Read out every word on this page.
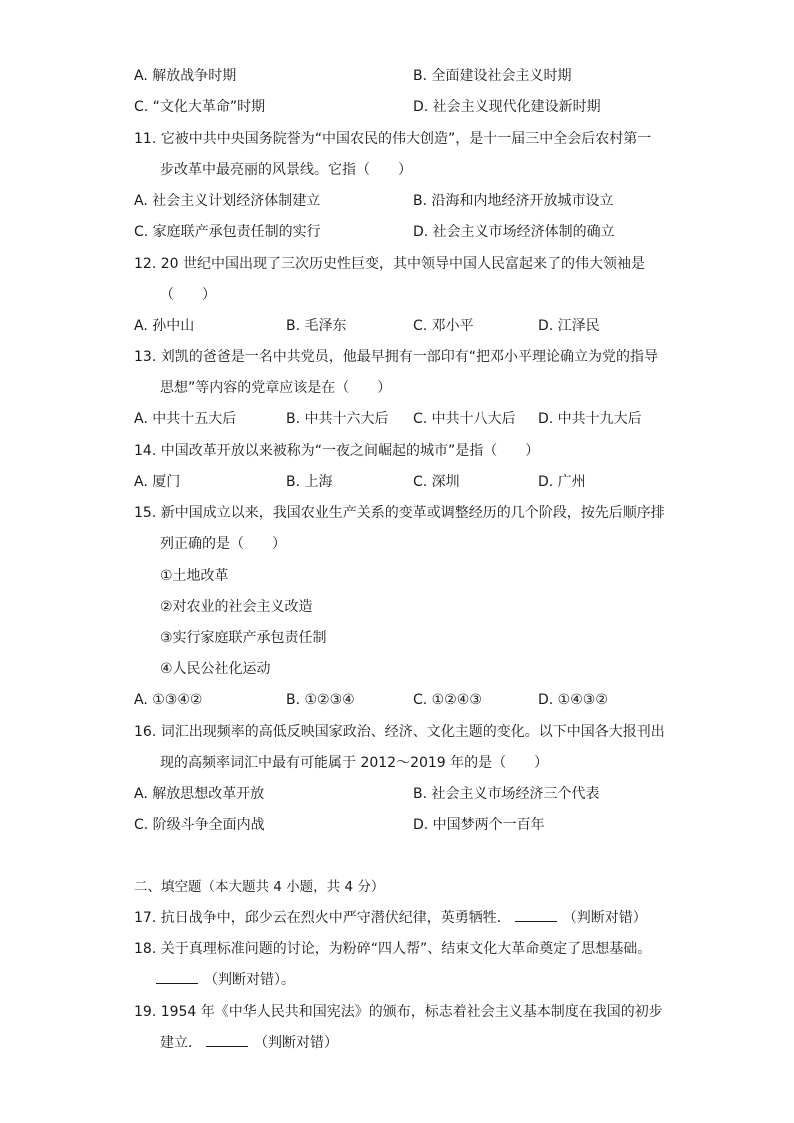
A. 解放战争时期	B. 全面建设社会主义时期
C. “文化大革命”时期	D. 社会主义现代化建设新时期
11. 它被中共中央国务院誉为“中国农民的伟大创造”，是十一届三中全会后农村第一
步改革中最亮丽的风景线。它指（　　）
A. 社会主义计划经济体制建立	B. 沿海和内地经济开放城市设立
C. 家庭联产承包责任制的实行	D. 社会主义市场经济体制的确立
12. 20 世纪中国出现了三次历史性巨变，其中领导中国人民富起来了的伟大领袖是
（　　）
A. 孙中山	B. 毛泽东	C. 邓小平	D. 江泽民
13. 刘凯的爸爸是一名中共党员，他最早拥有一部印有“把邓小平理论确立为党的指导
思想”等内容的党章应该是在（　　）
A. 中共十五大后	B. 中共十六大后 C. 中共十八大后 D. 中共十九大后
14. 中国改革开放以来被称为“一夜之间崛起的城市”是指（　　）
A. 厦门	B. 上海	C. 深圳	D. 广州
15. 新中国成立以来，我国农业生产关系的变革或调整经历的几个阶段，按先后顺序排
列正确的是（　　）
①土地改革
②对农业的社会主义改造
③实行家庭联产承包责任制
④人民公社化运动
A. ①③④②	B. ①②③④	C. ①②④③	D. ①④③②
16. 词汇出现频率的高低反映国家政治、经济、文化主题的变化。以下中国各大报刊出
现的高频率词汇中最有可能属于 2012～2019 年的是（　　）
A. 解放思想改革开放	B. 社会主义市场经济三个代表
C. 阶级斗争全面内战	D. 中国梦两个一百年
二、填空题（本大题共 4 小题，共 4 分）
17. 抗日战争中，邱少云在烈火中严守潜伏纪律，英勇牺牲．	（判断对错）
18. 关于真理标准问题的讨论，为粉碎“四人帮”、结束文化大革命奠定了思想基础。
（判断对错）。
19. 1954 年《中华人民共和国宪法》的颁布，标志着社会主义基本制度在我国的初步
建立．	（判断对错）
